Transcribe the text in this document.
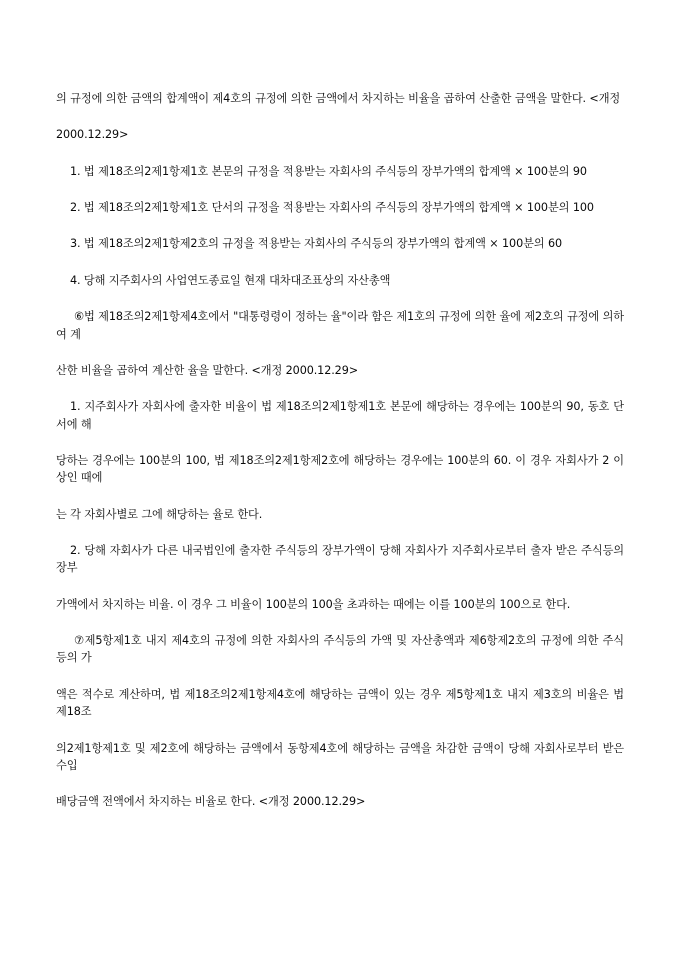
의 규정에 의한 금액의 합계액이 제4호의 규정에 의한 금액에서 차지하는 비율을 곱하여 산출한 금액을 말한다. <개정

2000.12.29>

1. 법 제18조의2제1항제1호 본문의 규정을 적용받는 자회사의 주식등의 장부가액의 합계액 × 100분의 90

2. 법 제18조의2제1항제1호 단서의 규정을 적용받는 자회사의 주식등의 장부가액의 합계액 × 100분의 100

3. 법 제18조의2제1항제2호의 규정을 적용받는 자회사의 주식등의 장부가액의 합계액 × 100분의 60

4. 당해 지주회사의 사업연도종료일 현재 대차대조표상의 자산총액

⑥법 제18조의2제1항제4호에서 "대통령령이 정하는 율"이라 함은 제1호의 규정에 의한 율에 제2호의 규정에 의하여 계

산한 비율을 곱하여 계산한 율을 말한다. <개정 2000.12.29>

1. 지주회사가 자회사에 출자한 비율이 법 제18조의2제1항제1호 본문에 해당하는 경우에는 100분의 90, 동호 단서에 해

당하는 경우에는 100분의 100, 법 제18조의2제1항제2호에 해당하는 경우에는 100분의 60. 이 경우 자회사가 2 이상인 때에

는 각 자회사별로 그에 해당하는 율로 한다.

2. 당해 자회사가 다른 내국법인에 출자한 주식등의 장부가액이 당해 자회사가 지주회사로부터 출자 받은 주식등의 장부

가액에서 차지하는 비율. 이 경우 그 비율이 100분의 100을 초과하는 때에는 이를 100분의 100으로 한다.

⑦제5항제1호 내지 제4호의 규정에 의한 자회사의 주식등의 가액 및 자산총액과 제6항제2호의 규정에 의한 주식등의 가

액은 적수로 계산하며, 법 제18조의2제1항제4호에 해당하는 금액이 있는 경우 제5항제1호 내지 제3호의 비율은 법 제18조

의2제1항제1호 및 제2호에 해당하는 금액에서 동항제4호에 해당하는 금액을 차감한 금액이 당해 자회사로부터 받은 수입

배당금액 전액에서 차지하는 비율로 한다. <개정 2000.12.29>
